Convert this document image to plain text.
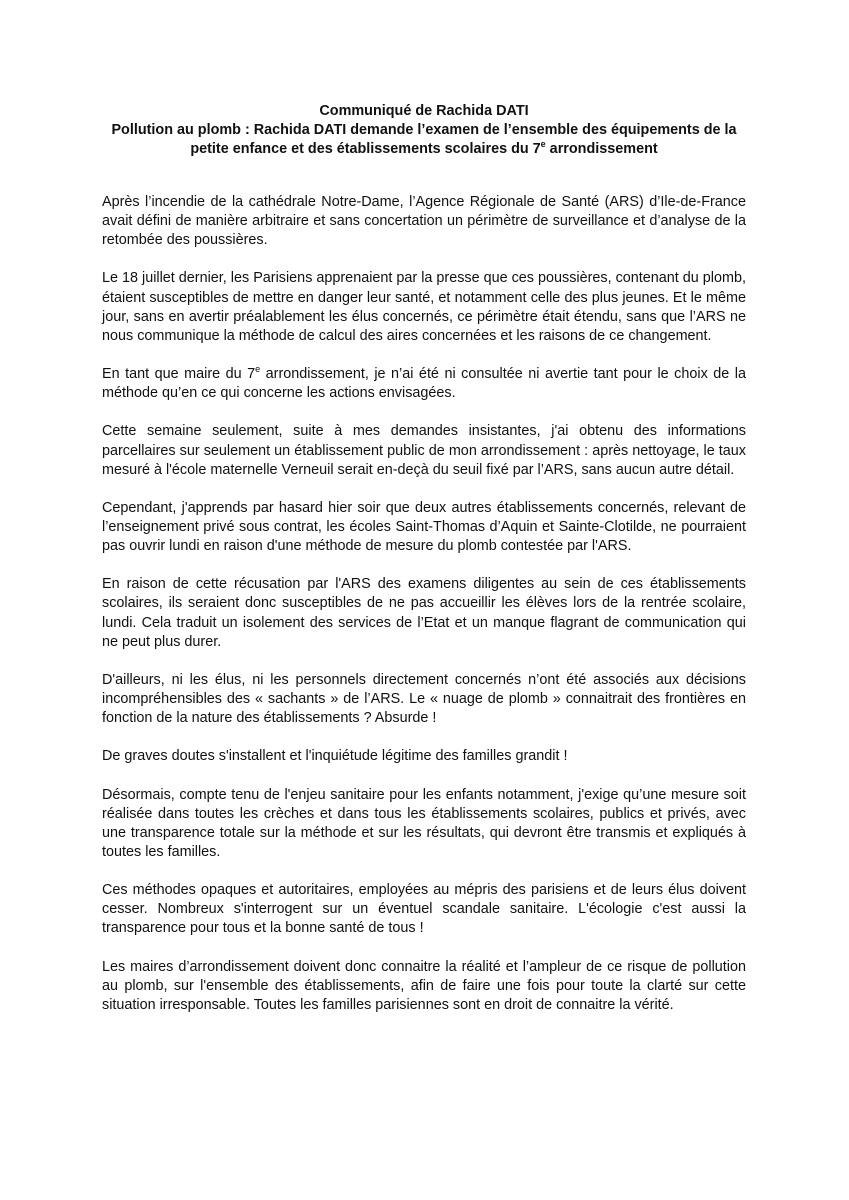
Communiqué de Rachida DATI
Pollution au plomb : Rachida DATI demande l’examen de l’ensemble des équipements de la
petite enfance et des établissements scolaires du 7e arrondissement

Après l’incendie de la cathédrale Notre-Dame, l’Agence Régionale de Santé (ARS) d’Ile-de-France avait défini de manière arbitraire et sans concertation un périmètre de surveillance et d’analyse de la retombée des poussières.

Le 18 juillet dernier, les Parisiens apprenaient par la presse que ces poussières, contenant du plomb, étaient susceptibles de mettre en danger leur santé, et notamment celle des plus jeunes. Et le même jour, sans en avertir préalablement les élus concernés, ce périmètre était étendu, sans que l’ARS ne nous communique la méthode de calcul des aires concernées et les raisons de ce changement.

En tant que maire du 7e arrondissement, je n’ai été ni consultée ni avertie tant pour le choix de la méthode qu’en ce qui concerne les actions envisagées.

Cette semaine seulement, suite à mes demandes insistantes, j'ai obtenu des informations parcellaires sur seulement un établissement public de mon arrondissement : après nettoyage, le taux mesuré à l'école maternelle Verneuil serait en-deçà du seuil fixé par l’ARS, sans aucun autre détail.

Cependant, j'apprends par hasard hier soir que deux autres établissements concernés, relevant de l’enseignement privé sous contrat, les écoles Saint-Thomas d’Aquin et Sainte-Clotilde, ne pourraient pas ouvrir lundi en raison d'une méthode de mesure du plomb contestée par l'ARS.

En raison de cette récusation par l'ARS des examens diligentes au sein de ces établissements scolaires, ils seraient donc susceptibles de ne pas accueillir les élèves lors de la rentrée scolaire, lundi. Cela traduit un isolement des services de l’Etat et un manque flagrant de communication qui ne peut plus durer.

D'ailleurs, ni les élus, ni les personnels directement concernés n’ont été associés aux décisions incompréhensibles des « sachants » de l’ARS. Le « nuage de plomb » connaitrait des frontières en fonction de la nature des établissements ? Absurde !

De graves doutes s'installent et l'inquiétude légitime des familles grandit !

Désormais, compte tenu de l'enjeu sanitaire pour les enfants notamment, j'exige qu’une mesure soit réalisée dans toutes les crèches et dans tous les établissements scolaires, publics et privés, avec une transparence totale sur la méthode et sur les résultats, qui devront être transmis et expliqués à toutes les familles.

Ces méthodes opaques et autoritaires, employées au mépris des parisiens et de leurs élus doivent cesser. Nombreux s'interrogent sur un éventuel scandale sanitaire. L'écologie c'est aussi la transparence pour tous et la bonne santé de tous !

Les maires d’arrondissement doivent donc connaitre la réalité et l’ampleur de ce risque de pollution au plomb, sur l'ensemble des établissements, afin de faire une fois pour toute la clarté sur cette situation irresponsable. Toutes les familles parisiennes sont en droit de connaitre la vérité.
